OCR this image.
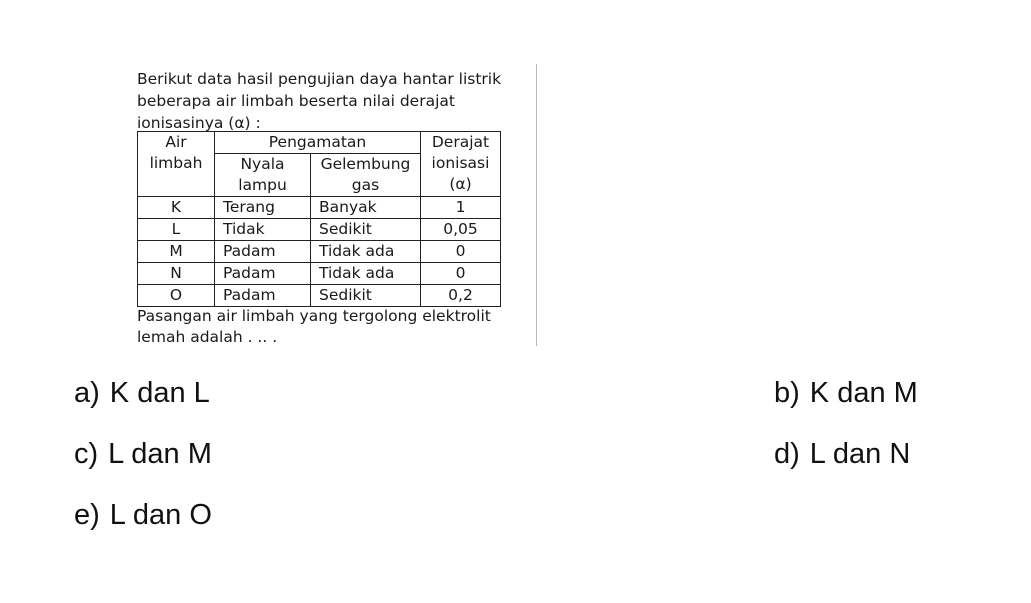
Berikut data hasil pengujian daya hantar listrik beberapa air limbah beserta nilai derajat ionisasinya (α) :

Air limbah	Pengamatan		Derajat ionisasi (α)
	Nyala lampu	Gelembung gas	
K	Terang	Banyak	1
L	Tidak	Sedikit	0,05
M	Padam	Tidak ada	0
N	Padam	Tidak ada	0
O	Padam	Sedikit	0,2

Pasangan air limbah yang tergolong elektrolit lemah adalah . .. .

a) K dan L	b) K dan M
c) L dan M	d) L dan N
e) L dan O
